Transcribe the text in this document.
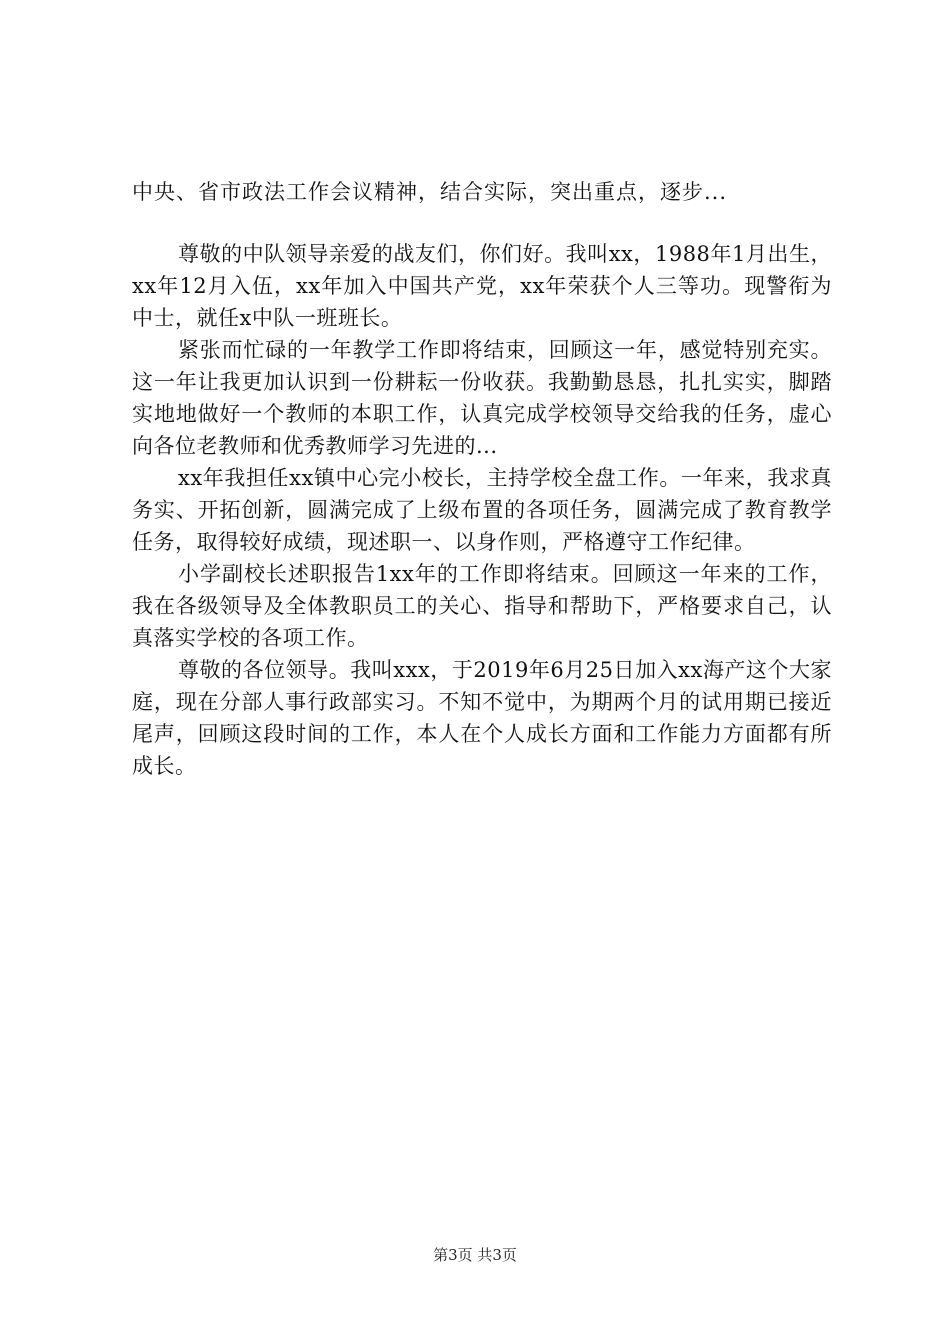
中央、省市政法工作会议精神，结合实际，突出重点，逐步...

尊敬的中队领导亲爱的战友们，你们好。我叫xx，1988年1月出生，xx年12月入伍，xx年加入中国共产党，xx年荣获个人三等功。现警衔为中士，就任x中队一班班长。

紧张而忙碌的一年教学工作即将结束，回顾这一年，感觉特别充实。这一年让我更加认识到一份耕耘一份收获。我勤勤恳恳，扎扎实实，脚踏实地地做好一个教师的本职工作，认真完成学校领导交给我的任务，虚心向各位老教师和优秀教师学习先进的...

xx年我担任xx镇中心完小校长，主持学校全盘工作。一年来，我求真务实、开拓创新，圆满完成了上级布置的各项任务，圆满完成了教育教学任务，取得较好成绩，现述职一、以身作则，严格遵守工作纪律。

小学副校长述职报告1xx年的工作即将结束。回顾这一年来的工作，我在各级领导及全体教职员工的关心、指导和帮助下，严格要求自己，认真落实学校的各项工作。

尊敬的各位领导。我叫xxx，于2019年6月25日加入xx海产这个大家庭，现在分部人事行政部实习。不知不觉中，为期两个月的试用期已接近尾声，回顾这段时间的工作，本人在个人成长方面和工作能力方面都有所成长。

第3页 共3页
